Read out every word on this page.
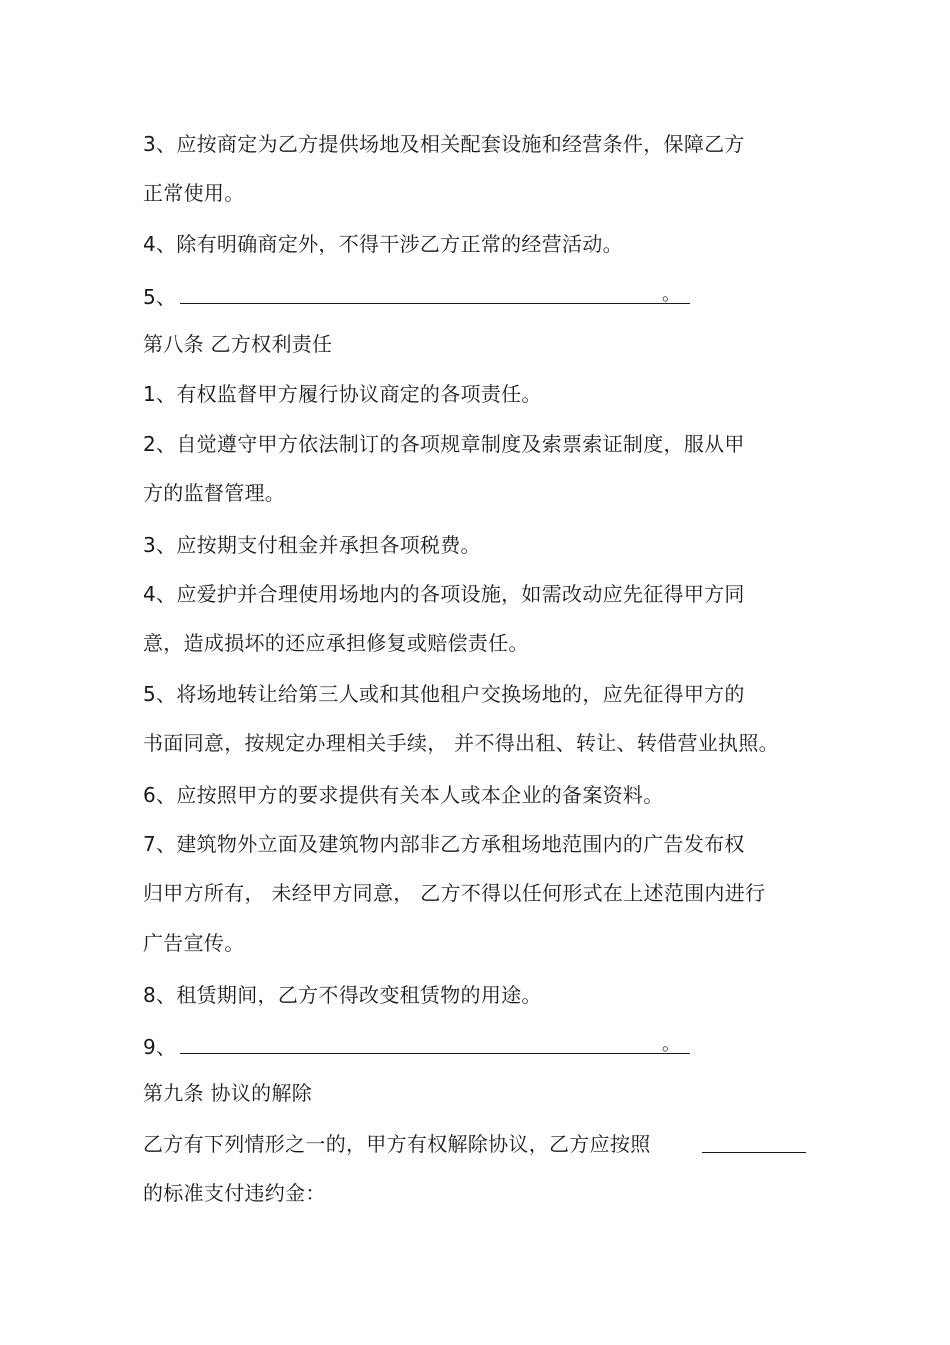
3、应按商定为乙方提供场地及相关配套设施和经营条件，保障乙方
正常使用。
4、除有明确商定外，不得干涉乙方正常的经营活动。
5、	。
第八条 乙方权利责任
1、有权监督甲方履行协议商定的各项责任。
2、自觉遵守甲方依法制订的各项规章制度及索票索证制度，服从甲
方的监督管理。
3、应按期支付租金并承担各项税费。
4、应爱护并合理使用场地内的各项设施，如需改动应先征得甲方同
意，造成损坏的还应承担修复或赔偿责任。
5、将场地转让给第三人或和其他租户交换场地的，应先征得甲方的
书面同意，按规定办理相关手续， 并不得出租、转让、转借营业执照。
6、应按照甲方的要求提供有关本人或本企业的备案资料。
7、建筑物外立面及建筑物内部非乙方承租场地范围内的广告发布权
归甲方所有， 未经甲方同意， 乙方不得以任何形式在上述范围内进行
广告宣传。
8、租赁期间，乙方不得改变租赁物的用途。
9、	。
第九条 协议的解除
乙方有下列情形之一的，甲方有权解除协议，乙方应按照
的标准支付违约金：
